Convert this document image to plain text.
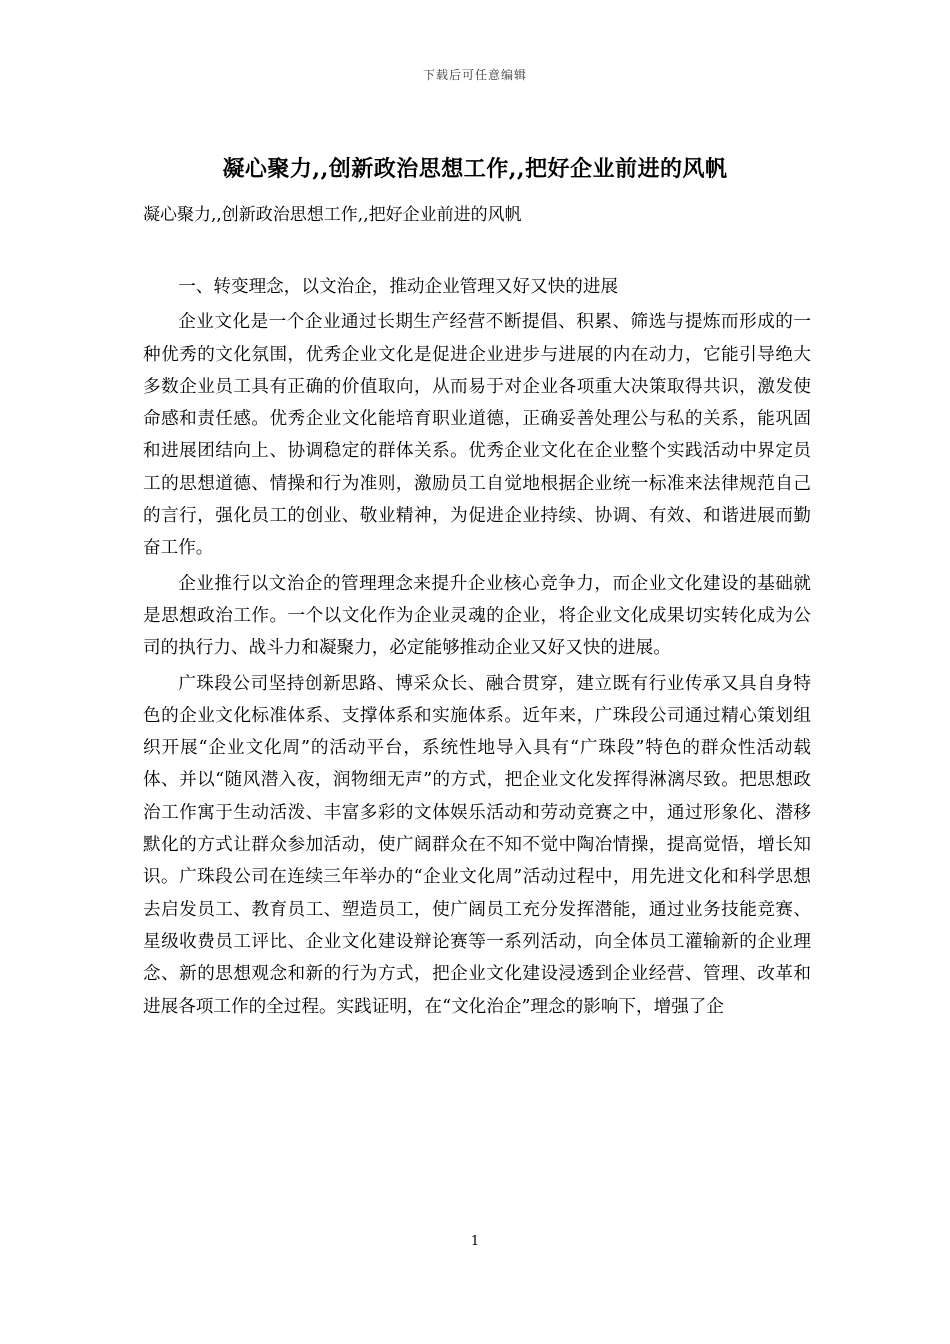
下载后可任意编辑
凝心聚力,,创新政治思想工作,,把好企业前进的风帆
凝心聚力,,创新政治思想工作,,把好企业前进的风帆

一、转变理念，以文治企，推动企业管理又好又快的进展

企业文化是一个企业通过长期生产经营不断提倡、积累、筛选与提炼而形成的一种优秀的文化氛围，优秀企业文化是促进企业进步与进展的内在动力，它能引导绝大多数企业员工具有正确的价值取向，从而易于对企业各项重大决策取得共识，激发使命感和责任感。优秀企业文化能培育职业道德，正确妥善处理公与私的关系，能巩固和进展团结向上、协调稳定的群体关系。优秀企业文化在企业整个实践活动中界定员工的思想道德、情操和行为准则，激励员工自觉地根据企业统一标准来法律规范自己的言行，强化员工的创业、敬业精神，为促进企业持续、协调、有效、和谐进展而勤奋工作。

企业推行以文治企的管理理念来提升企业核心竞争力，而企业文化建设的基础就是思想政治工作。一个以文化作为企业灵魂的企业，将企业文化成果切实转化成为公司的执行力、战斗力和凝聚力，必定能够推动企业又好又快的进展。

广珠段公司坚持创新思路、博采众长、融合贯穿，建立既有行业传承又具自身特色的企业文化标准体系、支撑体系和实施体系。近年来，广珠段公司通过精心策划组织开展“企业文化周”的活动平台，系统性地导入具有“广珠段”特色的群众性活动载体、并以“随风潜入夜，润物细无声”的方式，把企业文化发挥得淋漓尽致。把思想政治工作寓于生动活泼、丰富多彩的文体娱乐活动和劳动竞赛之中，通过形象化、潜移默化的方式让群众参加活动，使广阔群众在不知不觉中陶冶情操，提高觉悟，增长知识。广珠段公司在连续三年举办的“企业文化周”活动过程中，用先进文化和科学思想去启发员工、教育员工、塑造员工，使广阔员工充分发挥潜能，通过业务技能竞赛、星级收费员工评比、企业文化建设辩论赛等一系列活动，向全体员工灌输新的企业理念、新的思想观念和新的行为方式，把企业文化建设浸透到企业经营、管理、改革和进展各项工作的全过程。实践证明，在“文化治企”理念的影响下，增强了企

1
